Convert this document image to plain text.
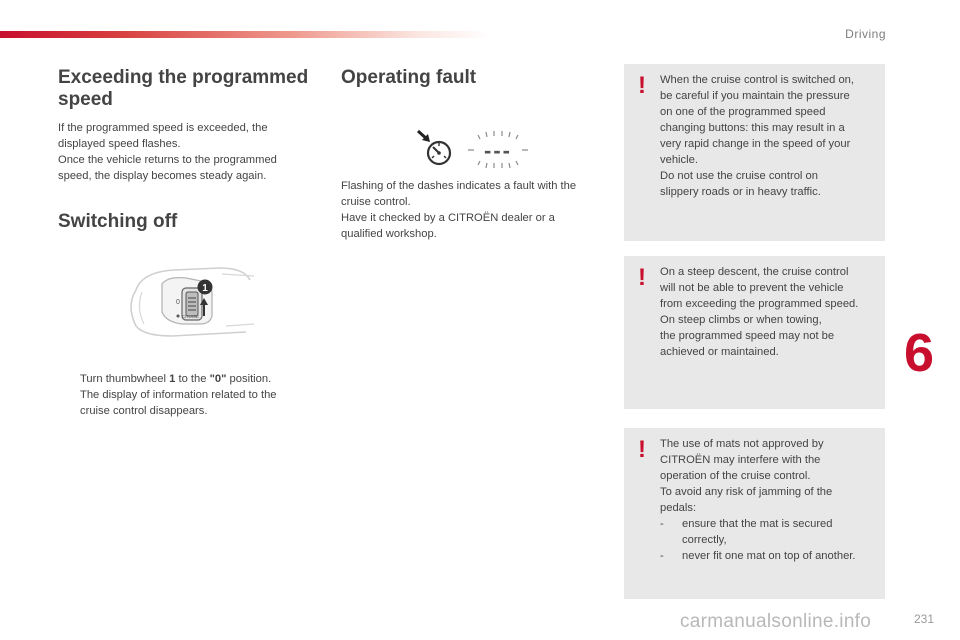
Driving
6
231
carmanualsonline.info
Exceeding the programmed
speed

If the programmed speed is exceeded, the
displayed speed flashes.
Once the vehicle returns to the programmed
speed, the display becomes steady again.

Switching off
1
0
CRUISE

Turn thumbwheel 1 to the "0" position.
The display of information related to the
cruise control disappears.

Operating fault
---

Flashing of the dashes indicates a fault with the
cruise control.
Have it checked by a CITROËN dealer or a
qualified workshop.

! When the cruise control is switched on,
be careful if you maintain the pressure
on one of the programmed speed
changing buttons: this may result in a
very rapid change in the speed of your
vehicle.
Do not use the cruise control on
slippery roads or in heavy traffic.

! On a steep descent, the cruise control
will not be able to prevent the vehicle
from exceeding the programmed speed.
On steep climbs or when towing,
the programmed speed may not be
achieved or maintained.

! The use of mats not approved by
CITROËN may interfere with the
operation of the cruise control.
To avoid any risk of jamming of the
pedals:
-	ensure that the mat is secured
correctly,
-	never fit one mat on top of another.
